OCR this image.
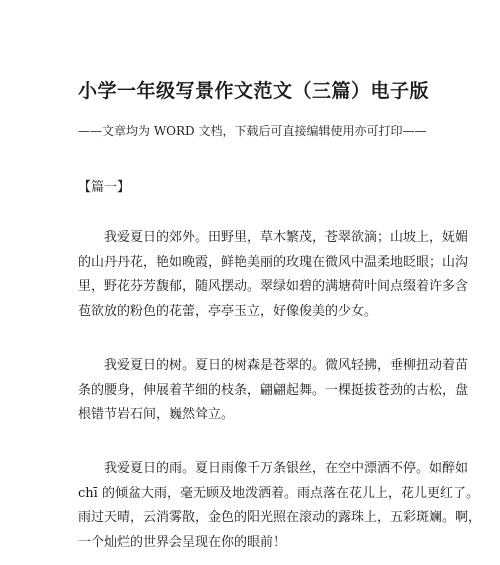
小学一年级写景作文范文（三篇）电子版
——文章均为 WORD 文档，下载后可直接编辑使用亦可打印——
【篇一】
　　我爱夏日的郊外。田野里，草木繁茂，苍翠欲滴；山坡上，妩媚
的山丹丹花，艳如晚霞，鲜艳美丽的玫瑰在微风中温柔地眨眼；山沟
里，野花芬芳馥郁，随风摆动。翠绿如碧的满塘荷叶间点缀着许多含
苞欲放的粉色的花蕾，亭亭玉立，好像俊美的少女。
　　我爱夏日的树。夏日的树森是苍翠的。微风轻拂，垂柳扭动着苗
条的腰身，伸展着芊细的枝条，翩翩起舞。一棵挺拔苍劲的古松，盘
根错节岩石间，巍然耸立。
　　我爱夏日的雨。夏日雨像千万条银丝，在空中漂洒不停。如醉如
chī 的倾盆大雨，毫无顾及地泼洒着。雨点落在花儿上，花儿更红了。
雨过天晴，云消雾散，金色的阳光照在滚动的露珠上，五彩斑斓。啊，
一个灿烂的世界会呈现在你的眼前！
